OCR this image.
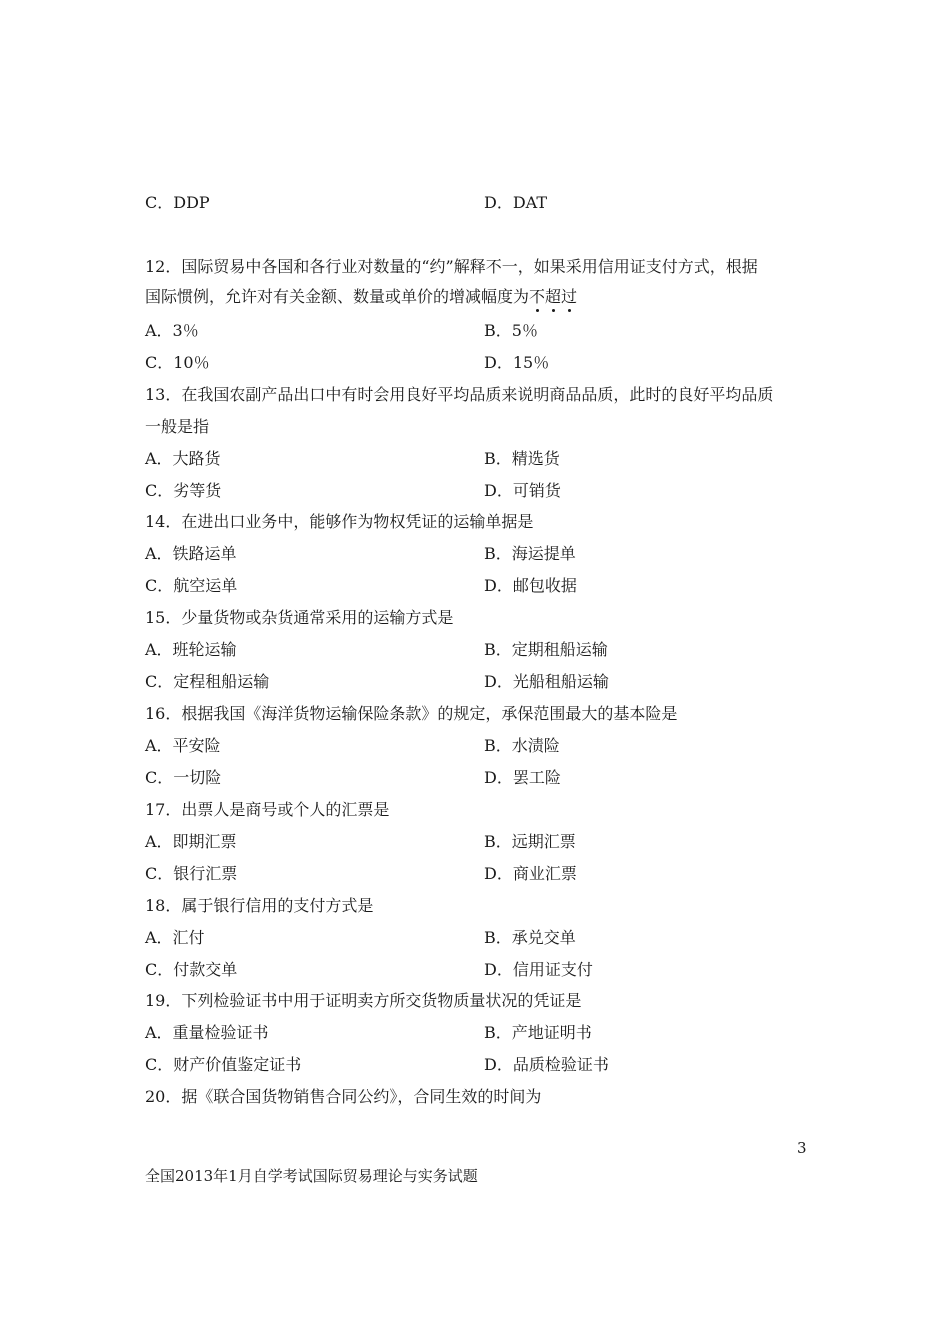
C．DDP	D．DAT
12．国际贸易中各国和各行业对数量的“约”解释不一，如果采用信用证支付方式，根据
国际惯例，允许对有关金额、数量或单价的增减幅度为不超过
A．3％	B．5％
C．10％	D．15％
13．在我国农副产品出口中有时会用良好平均品质来说明商品品质，此时的良好平均品质
一般是指
A．大路货	B．精选货
C．劣等货	D．可销货
14．在进出口业务中，能够作为物权凭证的运输单据是
A．铁路运单	B．海运提单
C．航空运单	D．邮包收据
15．少量货物或杂货通常采用的运输方式是
A．班轮运输	B．定期租船运输
C．定程租船运输	D．光船租船运输
16．根据我国《海洋货物运输保险条款》的规定，承保范围最大的基本险是
A．平安险	B．水渍险
C．一切险	D．罢工险
17．出票人是商号或个人的汇票是
A．即期汇票	B．远期汇票
C．银行汇票	D．商业汇票
18．属于银行信用的支付方式是
A．汇付	B．承兑交单
C．付款交单	D．信用证支付
19．下列检验证书中用于证明卖方所交货物质量状况的凭证是
A．重量检验证书	B．产地证明书
C．财产价值鉴定证书	D．品质检验证书
20．据《联合国货物销售合同公约》，合同生效的时间为
3
全国2013年1月自学考试国际贸易理论与实务试题
